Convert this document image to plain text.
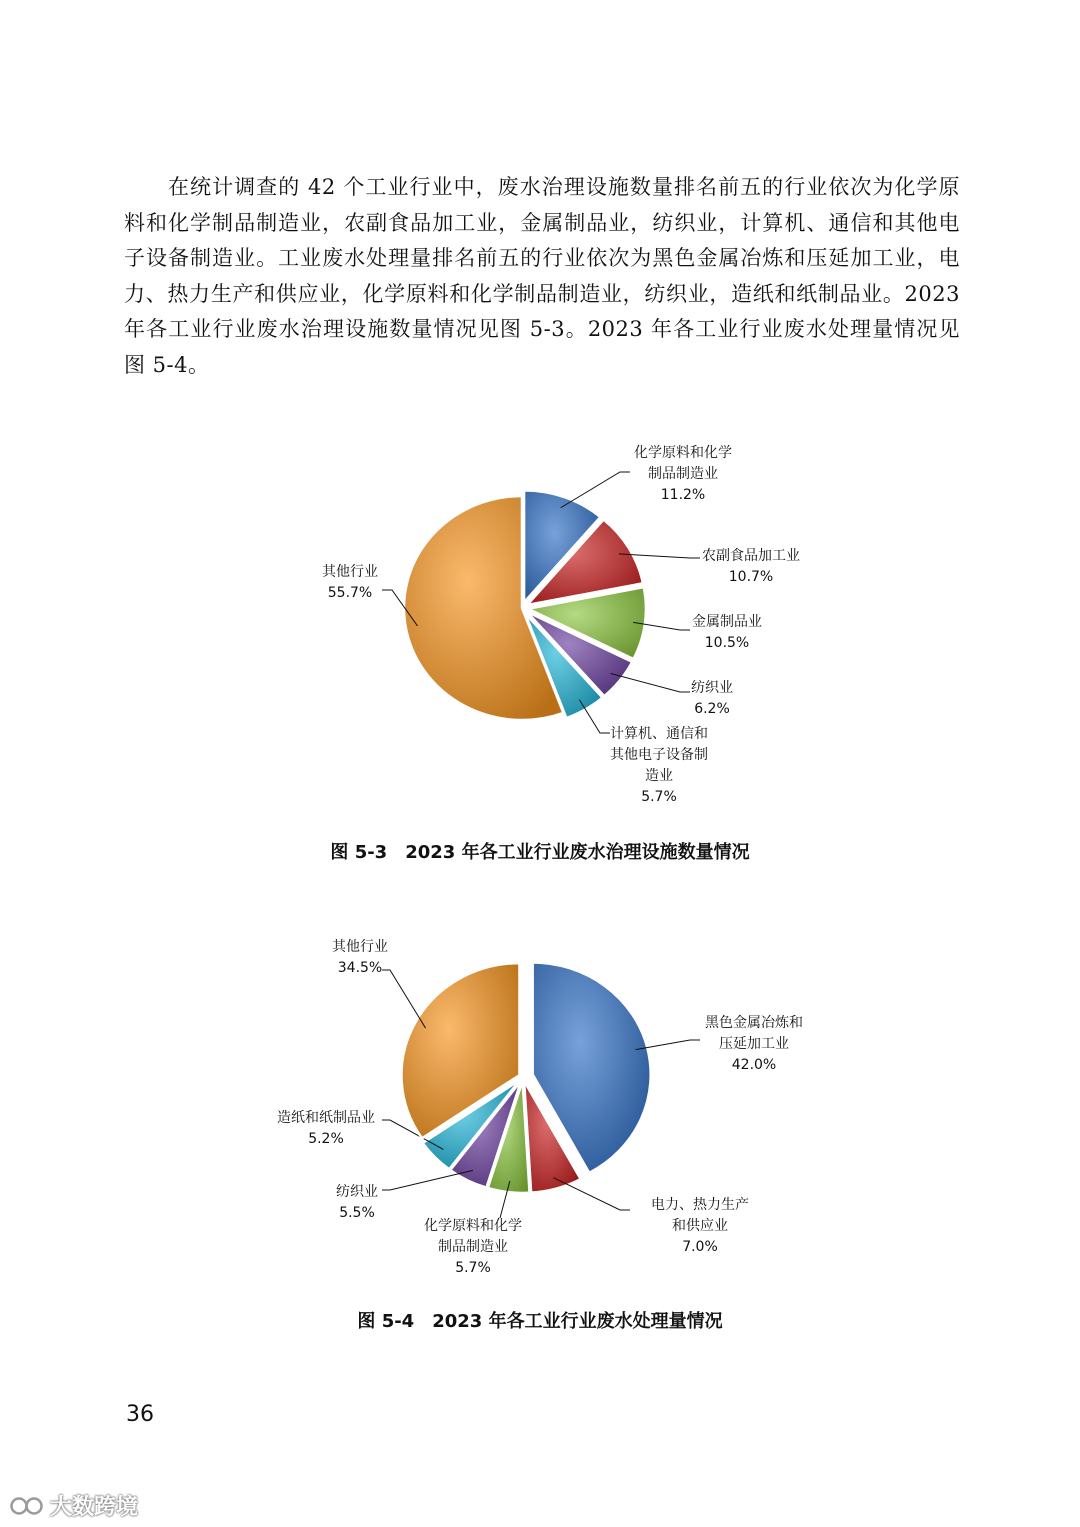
在统计调查的 42 个工业行业中，废水治理设施数量排名前五的行业依次为化学原料和化学制品制造业，农副食品加工业，金属制品业，纺织业，计算机、通信和其他电子设备制造业。工业废水处理量排名前五的行业依次为黑色金属冶炼和压延加工业，电力、热力生产和供应业，化学原料和化学制品制造业，纺织业，造纸和纸制品业。2023 年各工业行业废水治理设施数量情况见图 5-3。2023 年各工业行业废水处理量情况见图 5-4。

化学原料和化学
制品制造业
11.2%
农副食品加工业
10.7%
金属制品业
10.5%
纺织业
6.2%
计算机、通信和
其他电子设备制
造业
5.7%
其他行业
55.7%
图 5-3　2023 年各工业行业废水治理设施数量情况
黑色金属冶炼和
压延加工业
42.0%
电力、热力生产
和供应业
7.0%
化学原料和化学
制品制造业
5.7%
纺织业
5.5%
造纸和纸制品业
5.2%
其他行业
34.5%
图 5-4　2023 年各工业行业废水处理量情况
36
大数跨境
